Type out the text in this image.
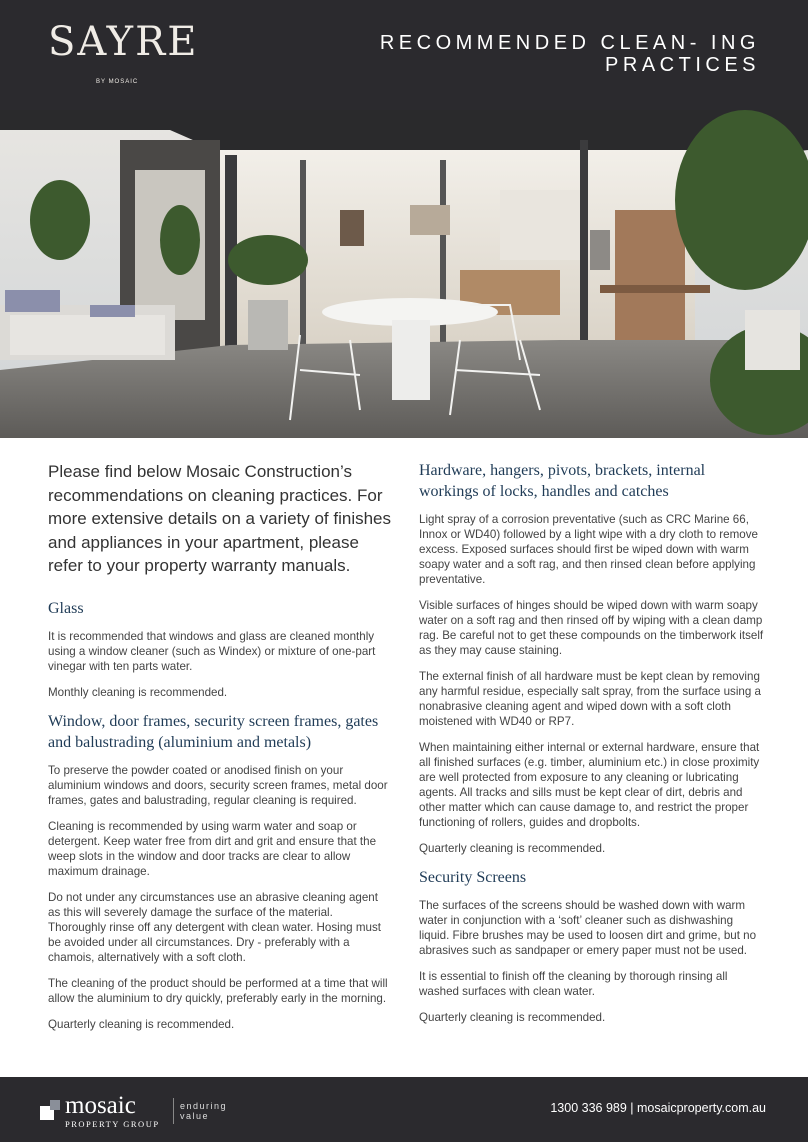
SAYRE
BY MOSAIC
RECOMMENDED CLEAN- ING PRACTICES

Please find below Mosaic Construction’s recommendations on cleaning practices. For more extensive details on a variety of finishes and appliances in your apartment, please refer to your property warranty manuals.

Glass

It is recommended that windows and glass are cleaned monthly using a window cleaner (such as Windex) or mixture of one-part vinegar with ten parts water.

Monthly cleaning is recommended.

Window, door frames, security screen frames, gates and balustrading (aluminium and metals)

To preserve the powder coated or anodised finish on your aluminium windows and doors, security screen frames, metal door frames, gates and balustrading, regular cleaning is required.

Cleaning is recommended by using warm water and soap or detergent. Keep water free from dirt and grit and ensure that the weep slots in the window and door tracks are clear to allow maximum drainage.

Do not under any circumstances use an abrasive cleaning agent as this will severely damage the surface of the material. Thoroughly rinse off any detergent with clean water. Hosing must be avoided under all circumstances. Dry - preferably with a chamois, alternatively with a soft cloth.

The cleaning of the product should be performed at a time that will allow the aluminium to dry quickly, preferably early in the morning.

Quarterly cleaning is recommended.

Hardware, hangers, pivots, brackets, internal workings of locks, handles and catches

Light spray of a corrosion preventative (such as CRC Marine 66, Innox or WD40) followed by a light wipe with a dry cloth to remove excess. Exposed surfaces should first be wiped down with warm soapy water and a soft rag, and then rinsed clean before applying preventative.

Visible surfaces of hinges should be wiped down with warm soapy water on a soft rag and then rinsed off by wiping with a clean damp rag. Be careful not to get these compounds on the timberwork itself as they may cause staining.

The external finish of all hardware must be kept clean by removing any harmful residue, especially salt spray, from the surface using a nonabrasive cleaning agent and wiped down with a soft cloth moistened with WD40 or RP7.

When maintaining either internal or external hardware, ensure that all finished surfaces (e.g. timber, aluminium etc.) in close proximity are well protected from exposure to any cleaning or lubricating agents. All tracks and sills must be kept clear of dirt, debris and other matter which can cause damage to, and restrict the proper functioning of rollers, guides and dropbolts.

Quarterly cleaning is recommended.

Security Screens

The surfaces of the screens should be washed down with warm water in conjunction with a ‘soft’ cleaner such as dishwashing liquid. Fibre brushes may be used to loosen dirt and grime, but no abrasives such as sandpaper or emery paper must not be used.

It is essential to finish off the cleaning by thorough rinsing all washed surfaces with clean water.

Quarterly cleaning is recommended.

mosaic
PROPERTY GROUP
enduring value
1300 336 989 | mosaicproperty.com.au
